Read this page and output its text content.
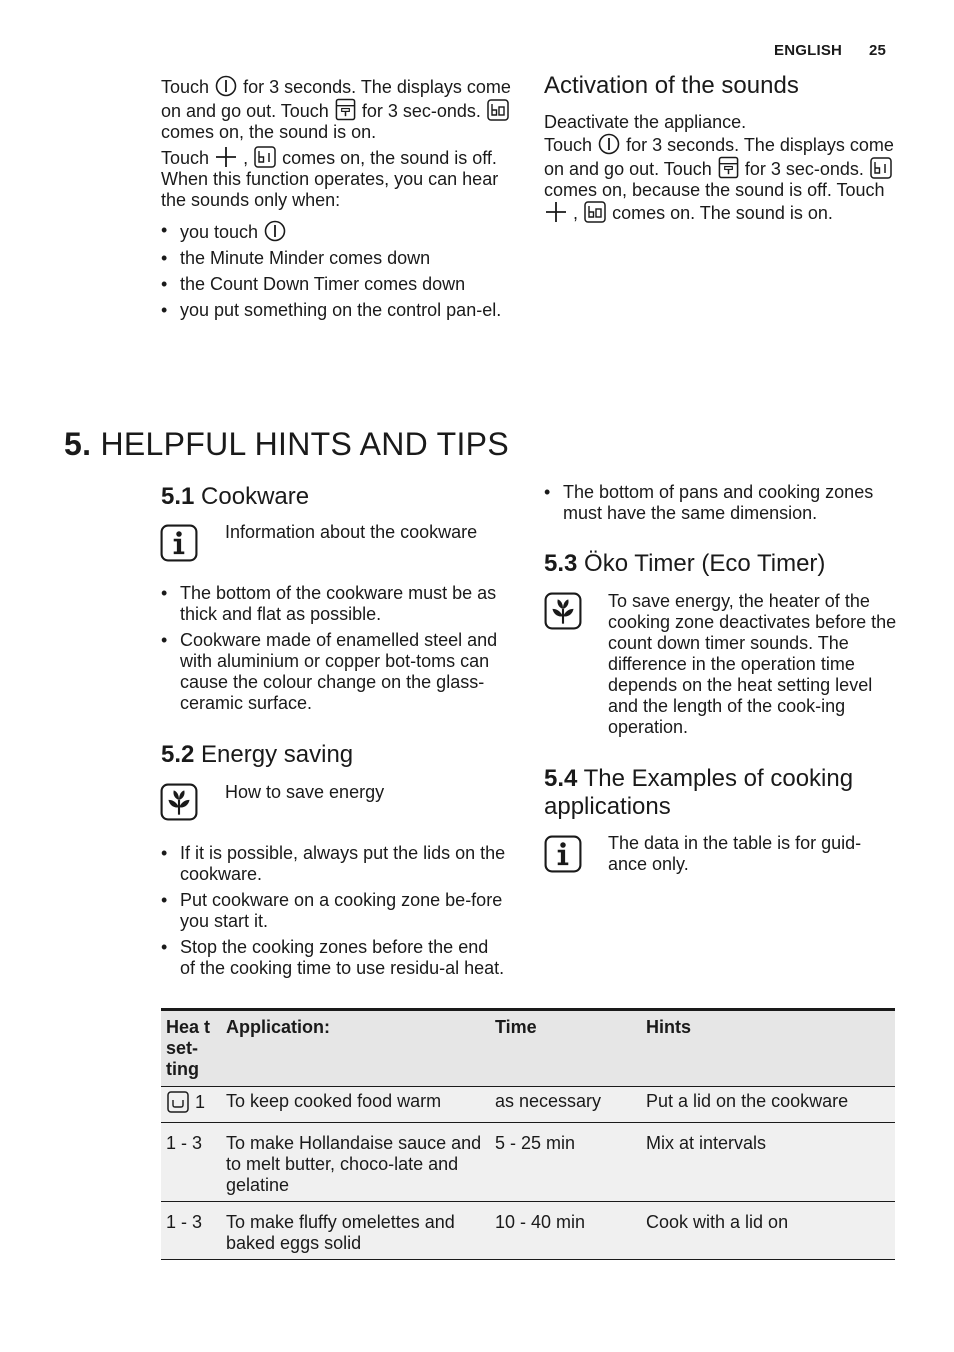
ENGLISH 25

Touch for 3 seconds. The displays come on and go out. Touch for 3 sec-onds.
comes on, the sound is on.

Touch , comes on, the sound is off.

When this function operates, you can hear the sounds only when:

• you touch
• the Minute Minder comes down
• the Count Down Timer comes down
• you put something on the control pan-el.
Activation of the sounds

Deactivate the appliance.

Touch for 3 seconds. The displays come on and go out. Touch for 3 sec-onds.
comes on, because the sound is off. Touch
, comes on. The sound is on.

5. HELPFUL HINTS AND TIPS
5.1 Cookware
Information about the cookware
• The bottom of the cookware must be as thick and flat as possible.
• Cookware made of enamelled steel and with aluminium or copper bot-toms can cause the colour change on the glass-ceramic surface.
• The bottom of pans and cooking zones must have the same dimension.
5.2 Energy saving
How to save energy
• If it is possible, always put the lids on the cookware.
• Put cookware on a cooking zone be-fore you start it.
• Stop the cooking zones before the end of the cooking time to use residu-al heat.
5.3 Öko Timer (Eco Timer)
To save energy, the heater of the cooking zone deactivates before the count down timer sounds. The difference in the operation time depends on the heat setting level and the length of the cook-ing operation.
5.4 The Examples of cooking applications
The data in the table is for guid-ance only.
Hea t set-ting	Application:	Time	Hints

1	To keep cooked food warm	as necessary	Put a lid on the cookware
1 - 3	To make Hollandaise sauce and to melt butter, choco-late and gelatine	5 - 25 min	Mix at intervals
1 - 3	To make fluffy omelettes and baked eggs solid	10 - 40 min	Cook with a lid on
